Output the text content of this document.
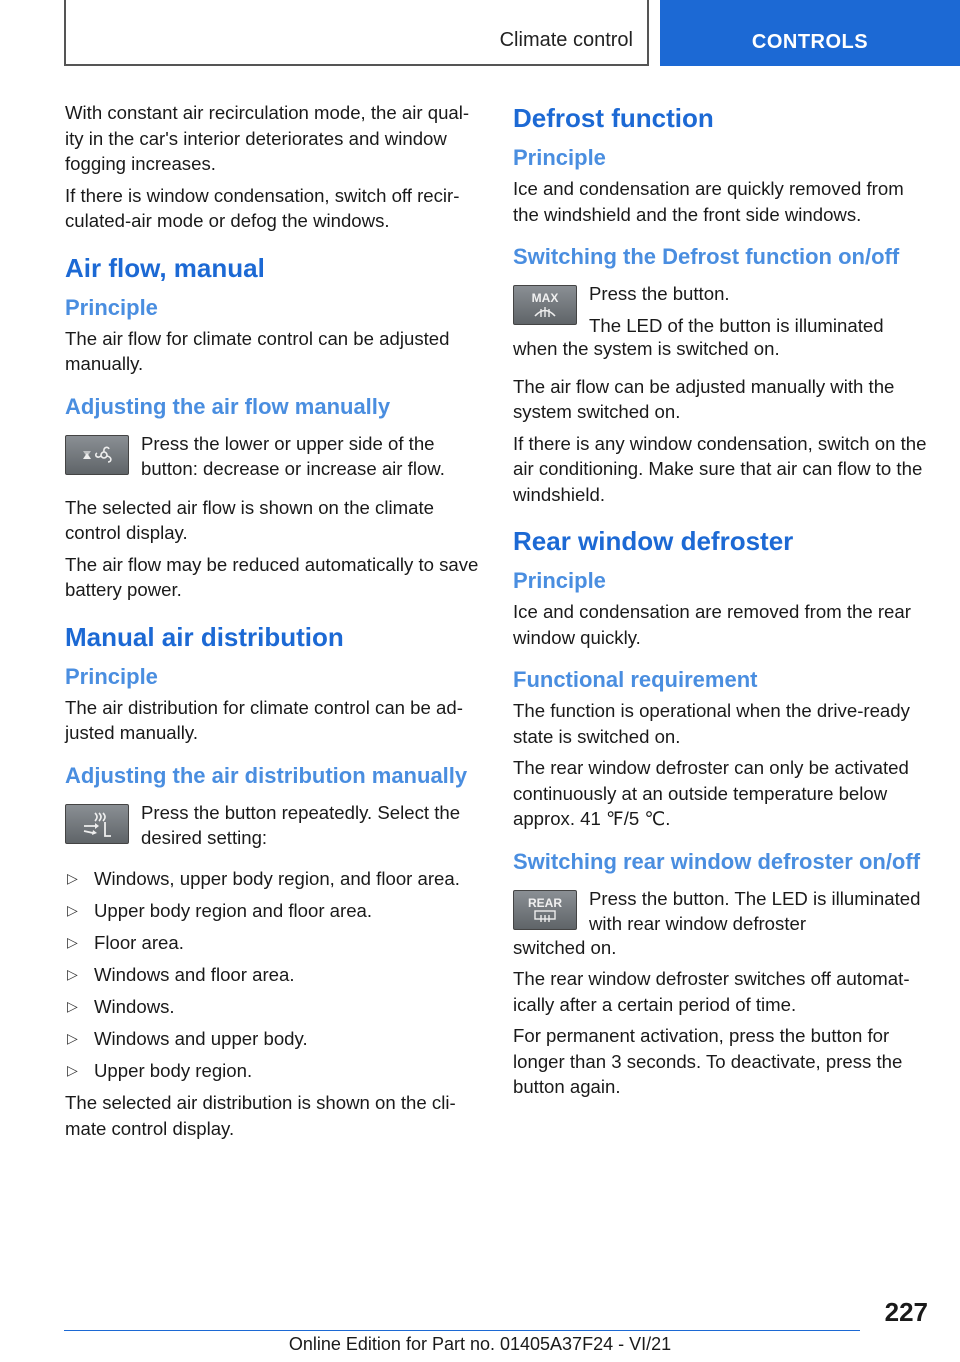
Climate control	CONTROLS

With constant air recirculation mode, the air quality in the car's interior deteriorates and window fogging increases.

If there is window condensation, switch off recirculated-air mode or defog the windows.

Air flow, manual
Principle

The air flow for climate control can be adjusted manually.

Adjusting the air flow manually

Press the lower or upper side of the button: decrease or increase air flow.

The selected air flow is shown on the climate control display.

The air flow may be reduced automatically to save battery power.

Manual air distribution
Principle

The air distribution for climate control can be adjusted manually.

Adjusting the air distribution manually

Press the button repeatedly. Select the desired setting:

▷ Windows, upper body region, and floor area.
▷ Upper body region and floor area.
▷ Floor area.
▷ Windows and floor area.
▷ Windows.
▷ Windows and upper body.
▷ Upper body region.

The selected air distribution is shown on the climate control display.

Defrost function
Principle

Ice and condensation are quickly removed from the windshield and the front side windows.

Switching the Defrost function on/off
MAX Press the button.

The LED of the button is illuminated

when the system is switched on.

The air flow can be adjusted manually with the system switched on.

If there is any window condensation, switch on the air conditioning. Make sure that air can flow to the windshield.

Rear window defroster
Principle

Ice and condensation are removed from the rear window quickly.

Functional requirement

The function is operational when the drive-ready state is switched on.

The rear window defroster can only be activated continuously at an outside temperature below approx. 41 ℉/5 ℃.

Switching rear window defroster on/off
REAR Press the button. The LED is illuminated with rear window defroster

switched on.

The rear window defroster switches off automatically after a certain period of time.

For permanent activation, press the button for longer than 3 seconds. To deactivate, press the button again.

227
Online Edition for Part no. 01405A37F24 - VI/21
